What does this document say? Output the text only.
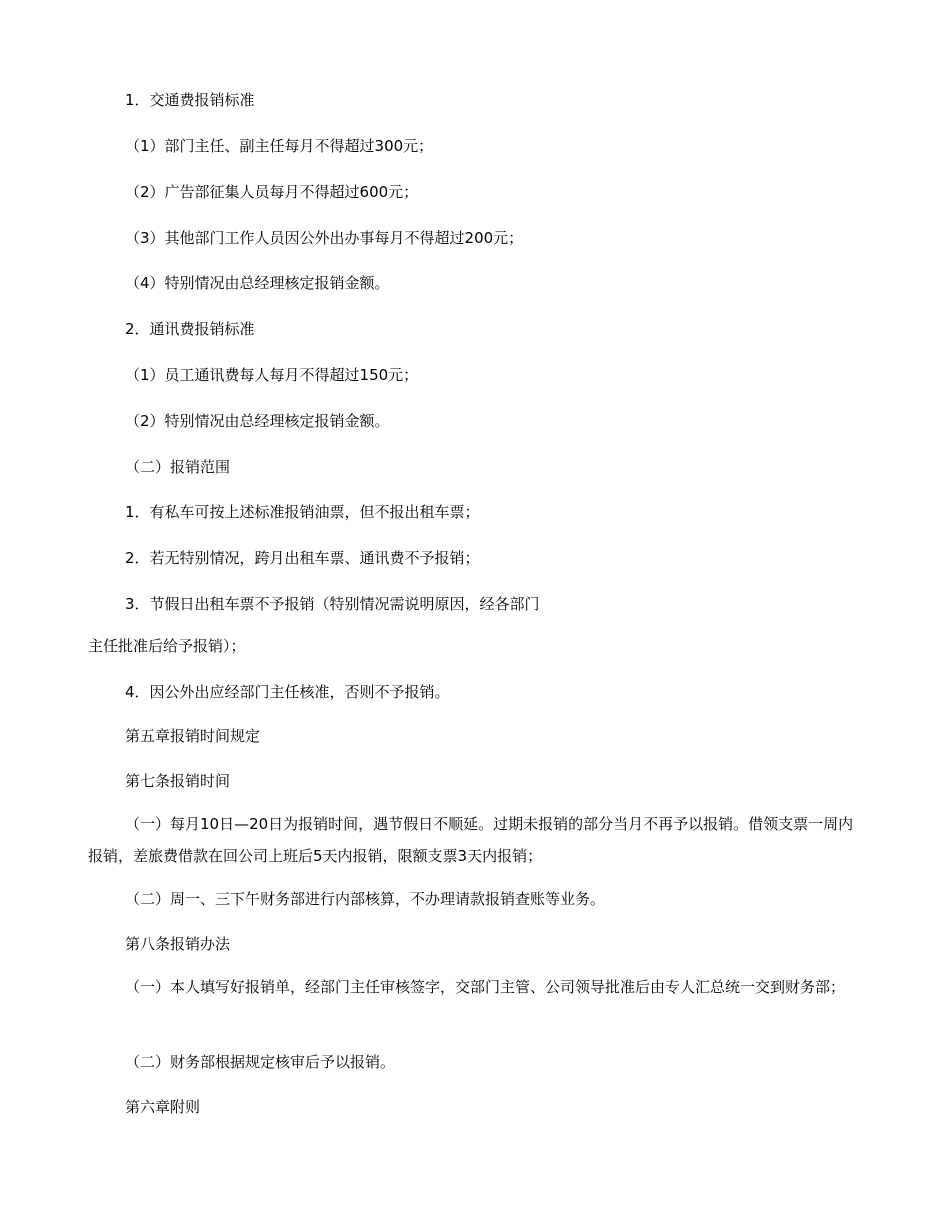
1．交通费报销标准

（1）部门主任、副主任每月不得超过300元；

（2）广告部征集人员每月不得超过600元；

（3）其他部门工作人员因公外出办事每月不得超过200元；

（4）特别情况由总经理核定报销金额。

2．通讯费报销标准

（1）员工通讯费每人每月不得超过150元；

（2）特别情况由总经理核定报销金额。

（二）报销范围

1．有私车可按上述标准报销油票，但不报出租车票；

2．若无特别情况，跨月出租车票、通讯费不予报销；

3．节假日出租车票不予报销（特别情况需说明原因，经各部门

主任批准后给予报销）；

4．因公外出应经部门主任核准，否则不予报销。

第五章报销时间规定

第七条报销时间

（一）每月10日—20日为报销时间，遇节假日不顺延。过期未报销的部分当月不再予以报销。借领支票一周内报销，差旅费借款在回公司上班后5天内报销，限额支票3天内报销；

（二）周一、三下午财务部进行内部核算，不办理请款报销查账等业务。

第八条报销办法

（一）本人填写好报销单，经部门主任审核签字，交部门主管、公司领导批准后由专人汇总统一交到财务部；

（二）财务部根据规定核审后予以报销。

第六章附则
